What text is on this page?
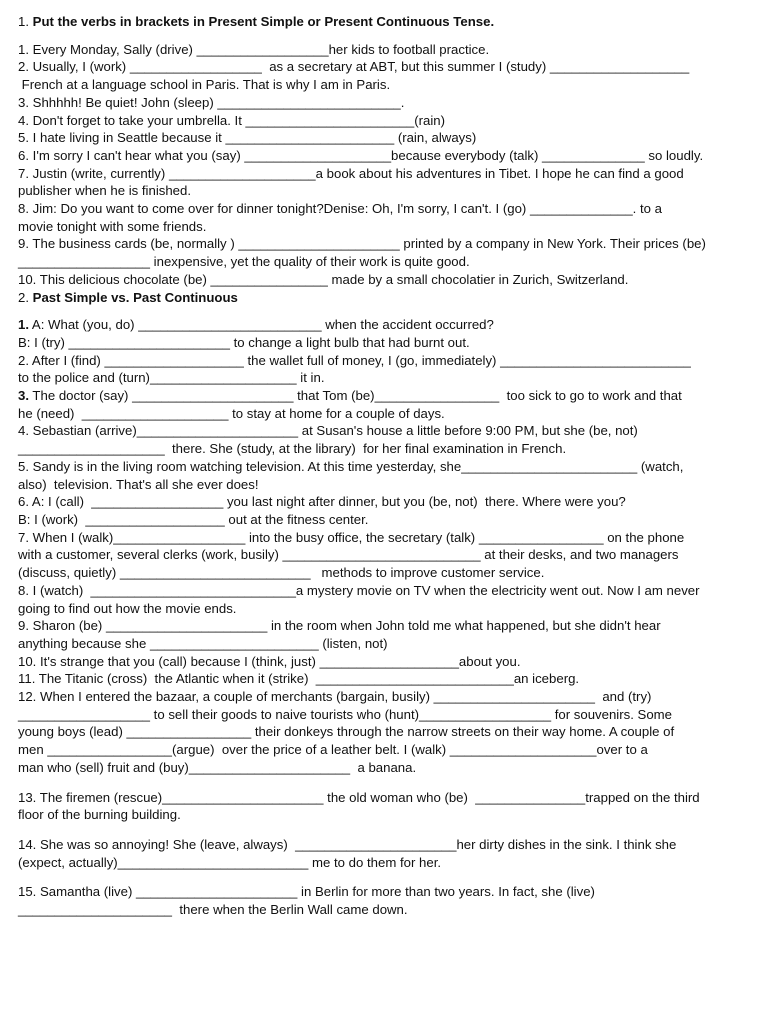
1. Put the verbs in brackets in Present Simple or Present Continuous Tense.

1. Every Monday, Sally (drive) __________________her kids to football practice.

2. Usually, I (work) __________________  as a secretary at ABT, but this summer I (study) ___________________

French at a language school in Paris. That is why I am in Paris.

3. Shhhhh! Be quiet! John (sleep) _________________________.

4. Don't forget to take your umbrella. It _______________________(rain)

5. I hate living in Seattle because it _______________________ (rain, always)

6. I'm sorry I can't hear what you (say) ____________________because everybody (talk) ______________ so loudly.

7. Justin (write, currently) ____________________a book about his adventures in Tibet. I hope he can find a good

publisher when he is finished.

8. Jim: Do you want to come over for dinner tonight?Denise: Oh, I'm sorry, I can't. I (go) ______________. to a

movie tonight with some friends.

9. The business cards (be, normally ) ______________________ printed by a company in New York. Their prices (be)

__________________ inexpensive, yet the quality of their work is quite good.

10. This delicious chocolate (be) ________________ made by a small chocolatier in Zurich, Switzerland.

2. Past Simple vs. Past Continuous

1. A: What (you, do) _________________________ when the accident occurred?

B: I (try) ______________________ to change a light bulb that had burnt out.

2. After I (find) ___________________ the wallet full of money, I (go, immediately) __________________________

to the police and (turn)____________________ it in.

3. The doctor (say) ______________________ that Tom (be)_________________  too sick to go to work and that

he (need)  ____________________ to stay at home for a couple of days.

4. Sebastian (arrive)______________________ at Susan's house a little before 9:00 PM, but she (be, not)

____________________  there. She (study, at the library)  for her final examination in French.

5. Sandy is in the living room watching television. At this time yesterday, she________________________ (watch,

also)  television. That's all she ever does!

6. A: I (call)  __________________ you last night after dinner, but you (be, not)  there. Where were you?

B: I (work)  ___________________ out at the fitness center.

7. When I (walk)__________________ into the busy office, the secretary (talk) _________________ on the phone

with a customer, several clerks (work, busily) ___________________________ at their desks, and two managers

(discuss, quietly) __________________________   methods to improve customer service.

8. I (watch)  ____________________________a mystery movie on TV when the electricity went out. Now I am never

going to find out how the movie ends.

9. Sharon (be) ______________________ in the room when John told me what happened, but she didn't hear

anything because she _______________________ (listen, not)

10. It's strange that you (call) because I (think, just) ___________________about you.

11. The Titanic (cross)  the Atlantic when it (strike)  ___________________________an iceberg.

12. When I entered the bazaar, a couple of merchants (bargain, busily) ______________________  and (try)

__________________ to sell their goods to naive tourists who (hunt)__________________ for souvenirs. Some

young boys (lead) _________________ their donkeys through the narrow streets on their way home. A couple of

men _________________(argue)  over the price of a leather belt. I (walk) ____________________over to a

man who (sell) fruit and (buy)______________________  a banana.

13. The firemen (rescue)______________________ the old woman who (be)  _______________trapped on the third

floor of the burning building.

14. She was so annoying! She (leave, always)  ______________________her dirty dishes in the sink. I think she

(expect, actually)__________________________ me to do them for her.

15. Samantha (live) ______________________ in Berlin for more than two years. In fact, she (live)

_____________________  there when the Berlin Wall came down.
